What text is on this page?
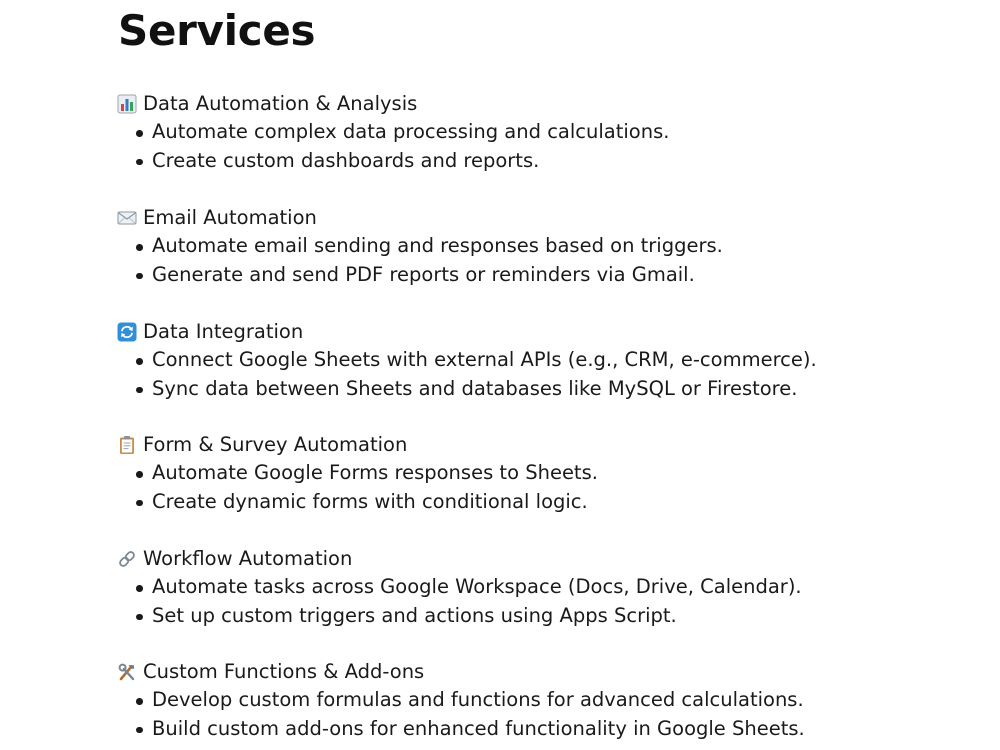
Services
Data Automation & Analysis
Automate complex data processing and calculations.
Create custom dashboards and reports.
Email Automation
Automate email sending and responses based on triggers.
Generate and send PDF reports or reminders via Gmail.
Data Integration
Connect Google Sheets with external APIs (e.g., CRM, e-commerce).
Sync data between Sheets and databases like MySQL or Firestore.
Form & Survey Automation
Automate Google Forms responses to Sheets.
Create dynamic forms with conditional logic.
Workflow Automation
Automate tasks across Google Workspace (Docs, Drive, Calendar).
Set up custom triggers and actions using Apps Script.
Custom Functions & Add-ons
Develop custom formulas and functions for advanced calculations.
Build custom add-ons for enhanced functionality in Google Sheets.
